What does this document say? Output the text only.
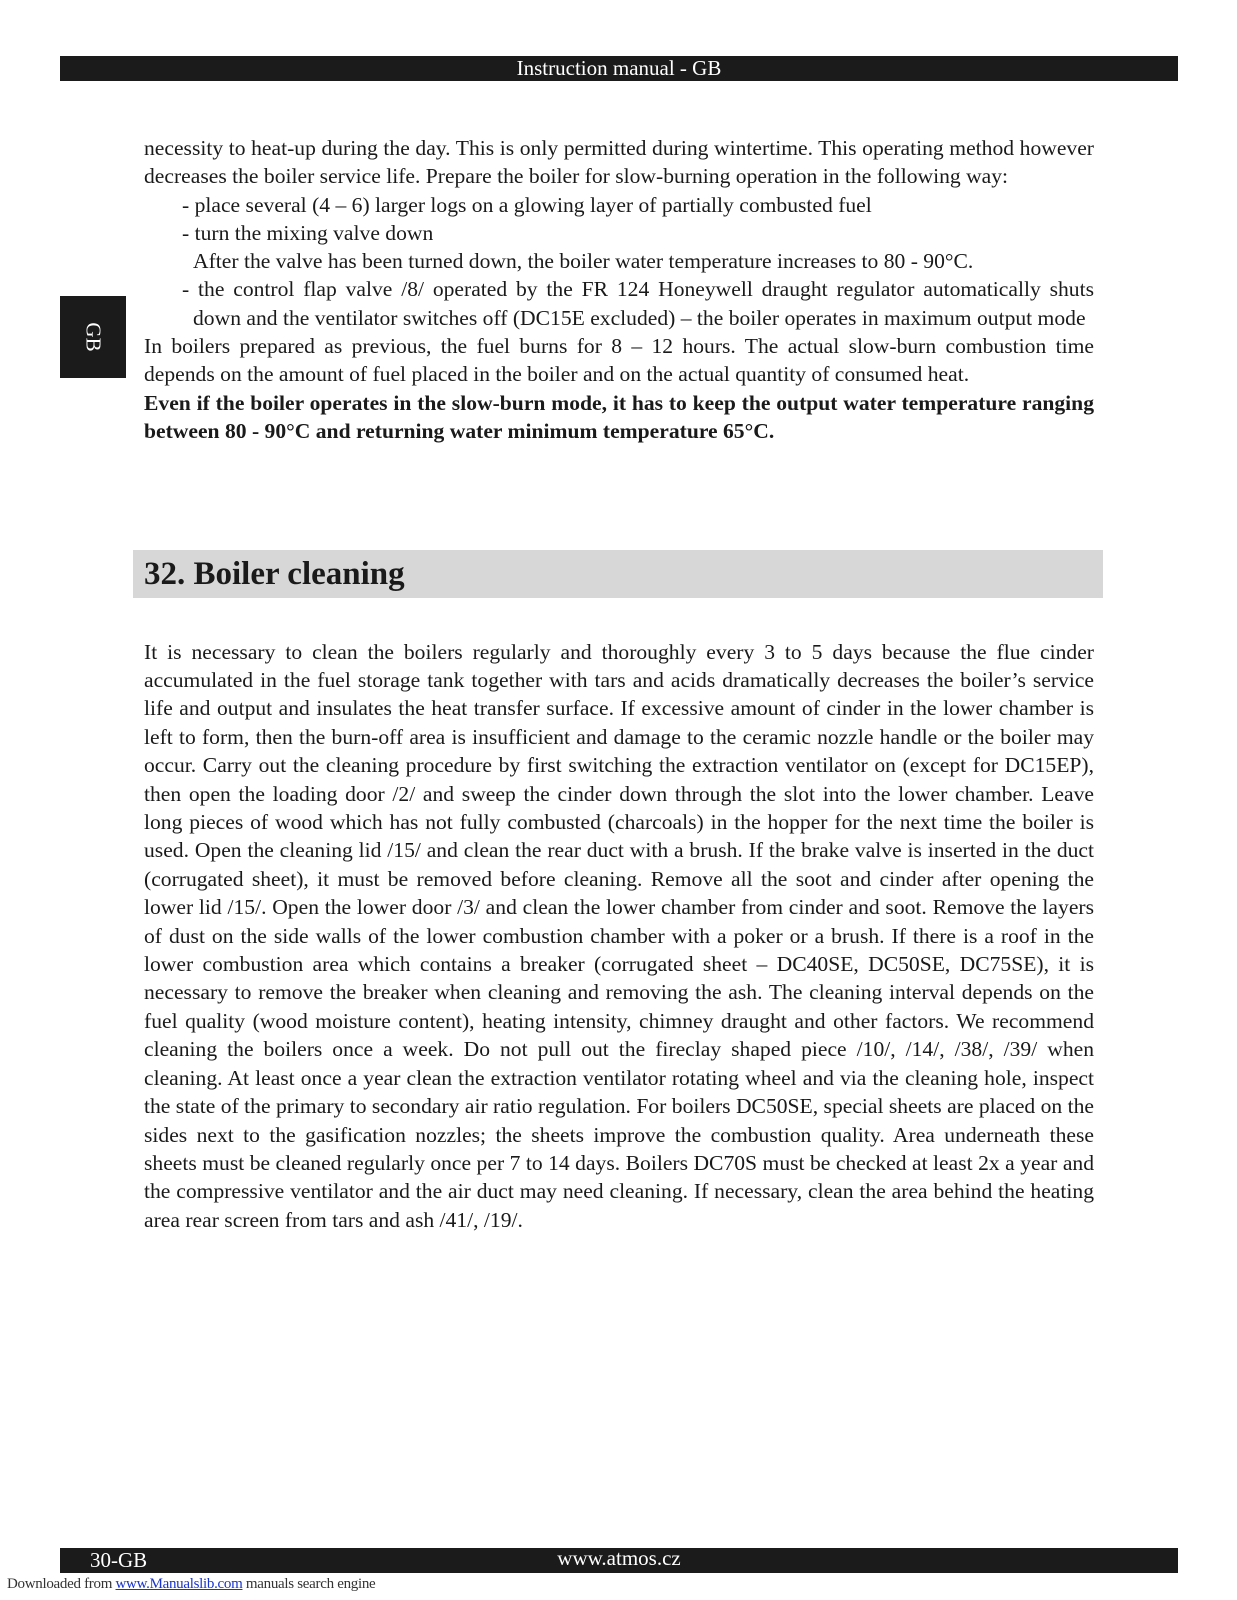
Instruction manual - GB
GB

necessity to heat-up during the day. This is only permitted during wintertime. This operating method however decreases the boiler service life. Prepare the boiler for slow-burning operation in the following way:

- place several (4 – 6) larger logs on a glowing layer of partially combusted fuel
- turn the mixing valve down
After the valve has been turned down, the boiler water temperature increases to 80 - 90°C.
- the control flap valve /8/ operated by the FR 124 Honeywell draught regulator automatically shuts down and the ventilator switches off (DC15E excluded) – the boiler operates in maximum output mode

In boilers prepared as previous, the fuel burns for 8 – 12 hours. The actual slow-burn combustion time depends on the amount of fuel placed in the boiler and on the actual quantity of consumed heat.

Even if the boiler operates in the slow-burn mode, it has to keep the output water temperature ranging between 80 - 90°C and returning water minimum temperature 65°C.

32. Boiler cleaning

It is necessary to clean the boilers regularly and thoroughly every 3 to 5 days because the flue cinder accumulated in the fuel storage tank together with tars and acids dramatically decreases the boiler’s service life and output and insulates the heat transfer surface. If excessive amount of cinder in the lower chamber is left to form, then the burn-off area is insufficient and damage to the ceramic nozzle handle or the boiler may occur. Carry out the cleaning procedure by first switching the extraction ventilator on (except for DC15EP), then open the loading door /2/ and sweep the cinder down through the slot into the lower chamber. Leave long pieces of wood which has not fully combusted (charcoals) in the hopper for the next time the boiler is used. Open the cleaning lid /15/ and clean the rear duct with a brush. If the brake valve is inserted in the duct (corrugated sheet), it must be removed before cleaning. Remove all the soot and cinder after opening the lower lid /15/. Open the lower door /3/ and clean the lower chamber from cinder and soot. Remove the layers of dust on the side walls of the lower combustion chamber with a poker or a brush. If there is a roof in the lower combustion area which contains a breaker (corrugated sheet – DC40SE, DC50SE, DC75SE), it is necessary to remove the breaker when cleaning and removing the ash. The cleaning interval depends on the fuel quality (wood moisture content), heating intensity, chimney draught and other factors. We recommend cleaning the boilers once a week. Do not pull out the fireclay shaped piece /10/, /14/, /38/, /39/ when cleaning. At least once a year clean the extraction ventilator rotating wheel and via the cleaning hole, inspect the state of the primary to secondary air ratio regulation. For boilers DC50SE, special sheets are placed on the sides next to the gasification nozzles; the sheets improve the combustion quality. Area underneath these sheets must be cleaned regularly once per 7 to 14 days. Boilers DC70S must be checked at least 2x a year and the compressive ventilator and the air duct may need cleaning. If necessary, clean the area behind the heating area rear screen from tars and ash /41/, /19/.

30-GB	www.atmos.cz
Downloaded from www.Manualslib.com manuals search engine
